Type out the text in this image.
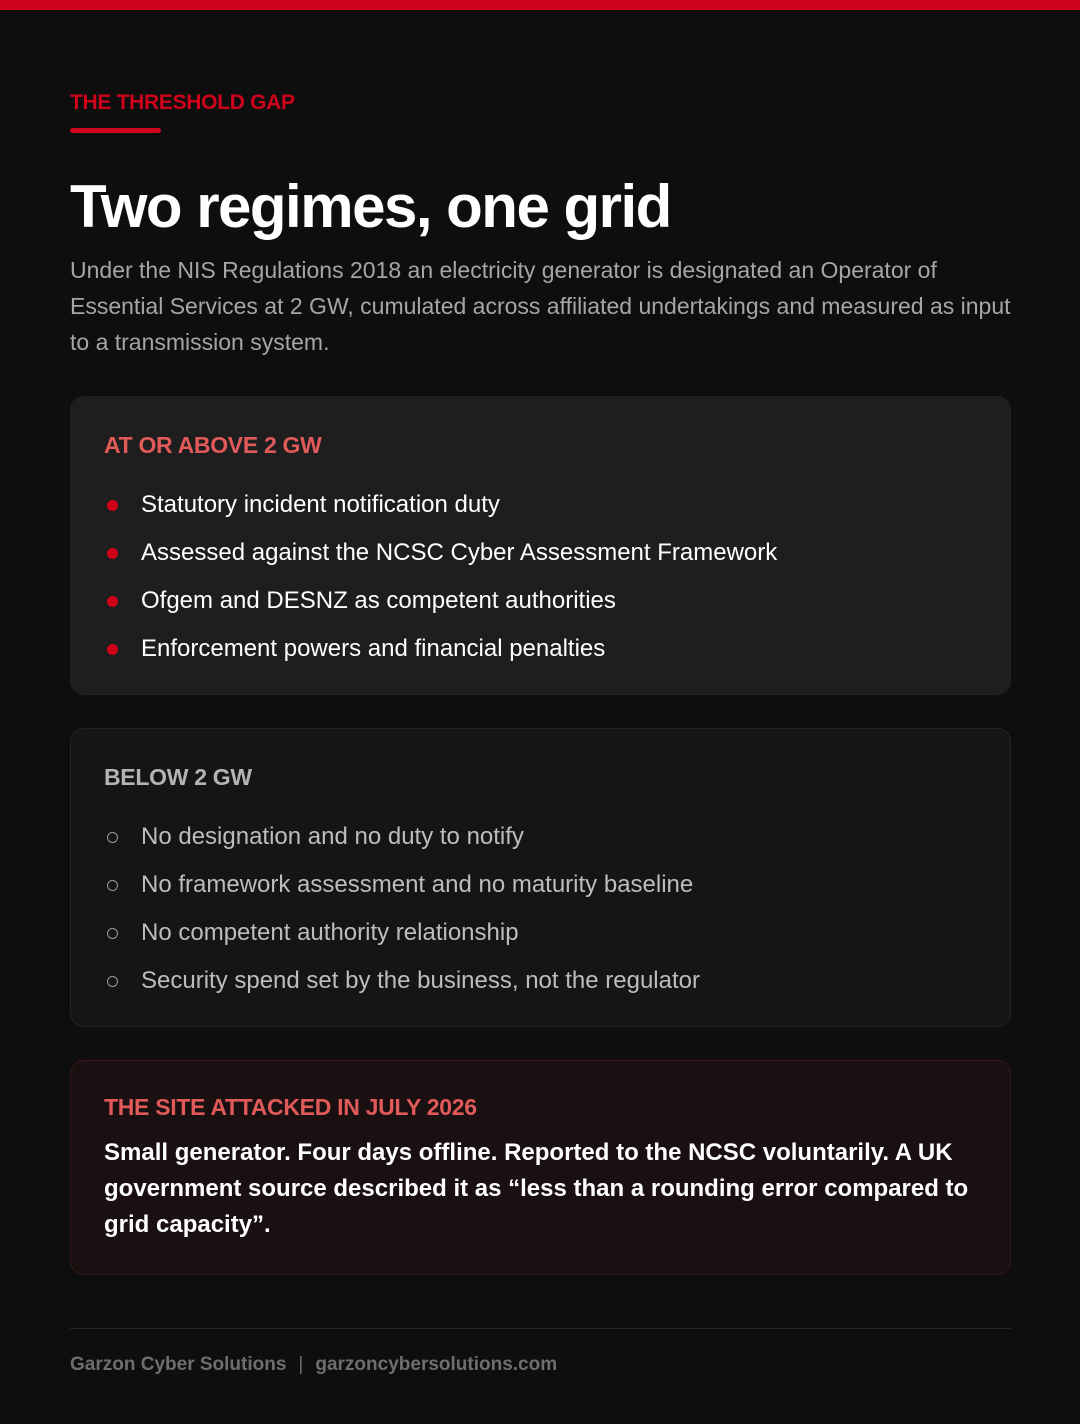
THE THRESHOLD GAP
Two regimes, one grid

Under the NIS Regulations 2018 an electricity generator is designated an Operator of Essential Services at 2 GW, cumulated across affiliated undertakings and measured as input to a transmission system.

AT OR ABOVE 2 GW
Statutory incident notification duty
Assessed against the NCSC Cyber Assessment Framework
Ofgem and DESNZ as competent authorities
Enforcement powers and financial penalties
BELOW 2 GW
No designation and no duty to notify
No framework assessment and no maturity baseline
No competent authority relationship
Security spend set by the business, not the regulator
THE SITE ATTACKED IN JULY 2026

Small generator. Four days offline. Reported to the NCSC voluntarily. A UK government source described it as “less than a rounding error compared to grid capacity”.

Garzon Cyber Solutions | garzoncybersolutions.com
